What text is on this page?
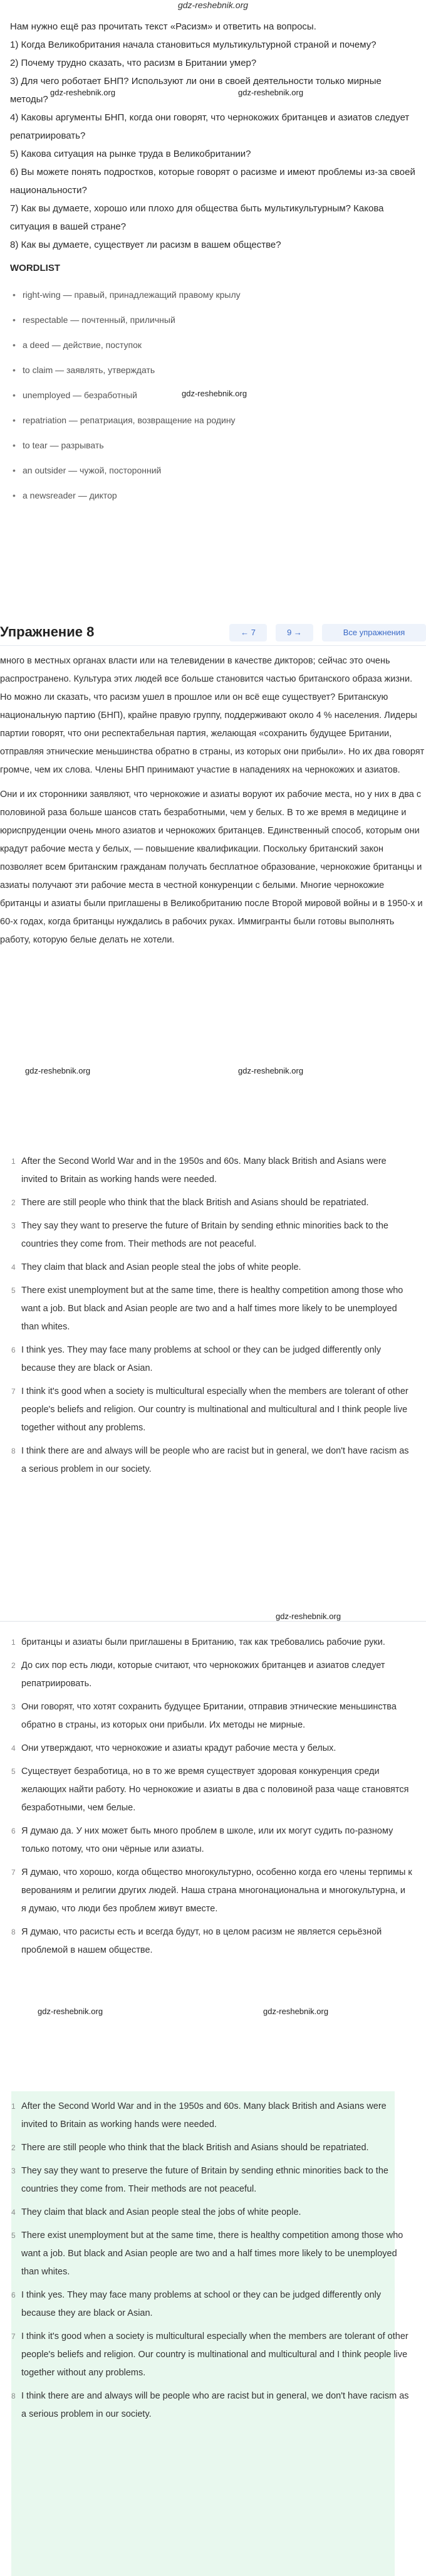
gdz-reshebnik.org

Нам нужно ещё раз прочитать текст «Расизм» и ответить на вопросы.

1) Когда Великобритания начала становиться мультикультурной страной и почему?

2) Почему трудно сказать, что расизм в Британии умер?

3) Для чего роботает БНП? Используют ли они в своей деятельности только мирные методы?

4) Каковы аргументы БНП, когда они говорят, что чернокожих британцев и азиатов следует репатриировать?

5) Какова ситуация на рынке труда в Великобритании?

6) Вы можете понять подростков, которые говорят о расизме и имеют проблемы из-за своей национальности?

7) Как вы думаете, хорошо или плохо для общества быть мультикультурным? Какова ситуация в вашей стране?

8) Как вы думаете, существует ли расизм в вашем обществе?

WORDLIST
• right-wing — правый, принадлежащий правому крылу
• respectable — почтенный, приличный
• a deed — действие, поступок
• to claim — заявлять, утверждать
• unemployed — безработный
• repatriation — репатриация, возвращение на родину
• to tear — разрывать
• an outsider — чужой, посторонний
• a newsreader — диктор
Упражнение 8	← 7	9 →	Все упражнения

много в местных органах власти или на телевидении в качестве дикторов; сейчас это очень распространено. Культура этих людей все больше становится частью британского образа жизни. Но можно ли сказать, что расизм ушел в прошлое или он всё еще существует? Британскую национальную партию (БНП), крайне правую группу, поддерживают около 4 % населения. Лидеры партии говорят, что они респектабельная партия, желающая «сохранить будущее Британии, отправляя этнические меньшинства обратно в страны, из которых они прибыли». Но их два говорят громче, чем их слова. Члены БНП принимают участие в нападениях на чернокожих и азиатов.

Они и их сторонники заявляют, что чернокожие и азиаты воруют их рабочие места, но у них в два с половиной раза больше шансов стать безработными, чем у белых. В то же время в медицине и юриспруденции очень много азиатов и чернокожих британцев. Единственный способ, которым они крадут рабочие места у белых, — повышение квалификации. Поскольку британский закон позволяет всем британским гражданам получать бесплатное образование, чернокожие британцы и азиаты получают эти рабочие места в честной конкуренции с белыми. Многие чернокожие британцы и азиаты были приглашены в Великобританию после Второй мировой войны и в 1950-х и 60-х годах, когда британцы нуждались в рабочих руках. Иммигранты были готовы выполнять работу, которую белые делать не хотели.

1 After the Second World War and in the 1950s and 60s. Many black British and Asians were invited to Britain as working hands were needed.
2 There are still people who think that the black British and Asians should be repatriated.
3 They say they want to preserve the future of Britain by sending ethnic minorities back to the countries they come from. Their methods are not peaceful.
4 They claim that black and Asian people steal the jobs of white people.
5 There exist unemployment but at the same time, there is healthy competition among those who want a job. But black and Asian people are two and a half times more likely to be unemployed than whites.
6 I think yes. They may face many problems at school or they can be judged differently only because they are black or Asian.
7 I think it's good when a society is multicultural especially when the members are tolerant of other people's beliefs and religion. Our country is multinational and multicultural and I think people live together without any problems.
8 I think there are and always will be people who are racist but in general, we don't have racism as a serious problem in our society.
1 британцы и азиаты были приглашены в Британию, так как требовались рабочие руки.
2 До сих пор есть люди, которые считают, что чернокожих британцев и азиатов следует репатриировать.
3 Они говорят, что хотят сохранить будущее Британии, отправив этнические меньшинства обратно в страны, из которых они прибыли. Их методы не мирные.
4 Они утверждают, что чернокожие и азиаты крадут рабочие места у белых.
5 Существует безработица, но в то же время существует здоровая конкуренция среди желающих найти работу. Но чернокожие и азиаты в два с половиной раза чаще становятся безработными, чем белые.
6 Я думаю да. У них может быть много проблем в школе, или их могут судить по-разному только потому, что они чёрные или азиаты.
7 Я думаю, что хорошо, когда общество многокультурно, особенно когда его члены терпимы к верованиям и религии других людей. Наша страна многонациональна и многокультурна, и я думаю, что люди без проблем живут вместе.
8 Я думаю, что расисты есть и всегда будут, но в целом расизм не является серьёзной проблемой в нашем обществе.
1 After the Second World War and in the 1950s and 60s. Many black British and Asians were invited to Britain as working hands were needed.
2 There are still people who think that the black British and Asians should be repatriated.
3 They say they want to preserve the future of Britain by sending ethnic minorities back to the countries they come from. Their methods are not peaceful.
4 They claim that black and Asian people steal the jobs of white people.
5 There exist unemployment but at the same time, there is healthy competition among those who want a job. But black and Asian people are two and a half times more likely to be unemployed than whites.
6 I think yes. They may face many problems at school or they can be judged differently only because they are black or Asian.
7 I think it's good when a society is multicultural especially when the members are tolerant of other people's beliefs and religion. Our country is multinational and multicultural and I think people live together without any problems.
8 I think there are and always will be people who are racist but in general, we don't have racism as a serious problem in our society.
gdz-reshebnik.org	gdz-reshebnik.org
gdz-reshebnik.org
gdz-reshebnik.org	gdz-reshebnik.org
gdz-reshebnik.org
gdz-reshebnik.org	gdz-reshebnik.org
